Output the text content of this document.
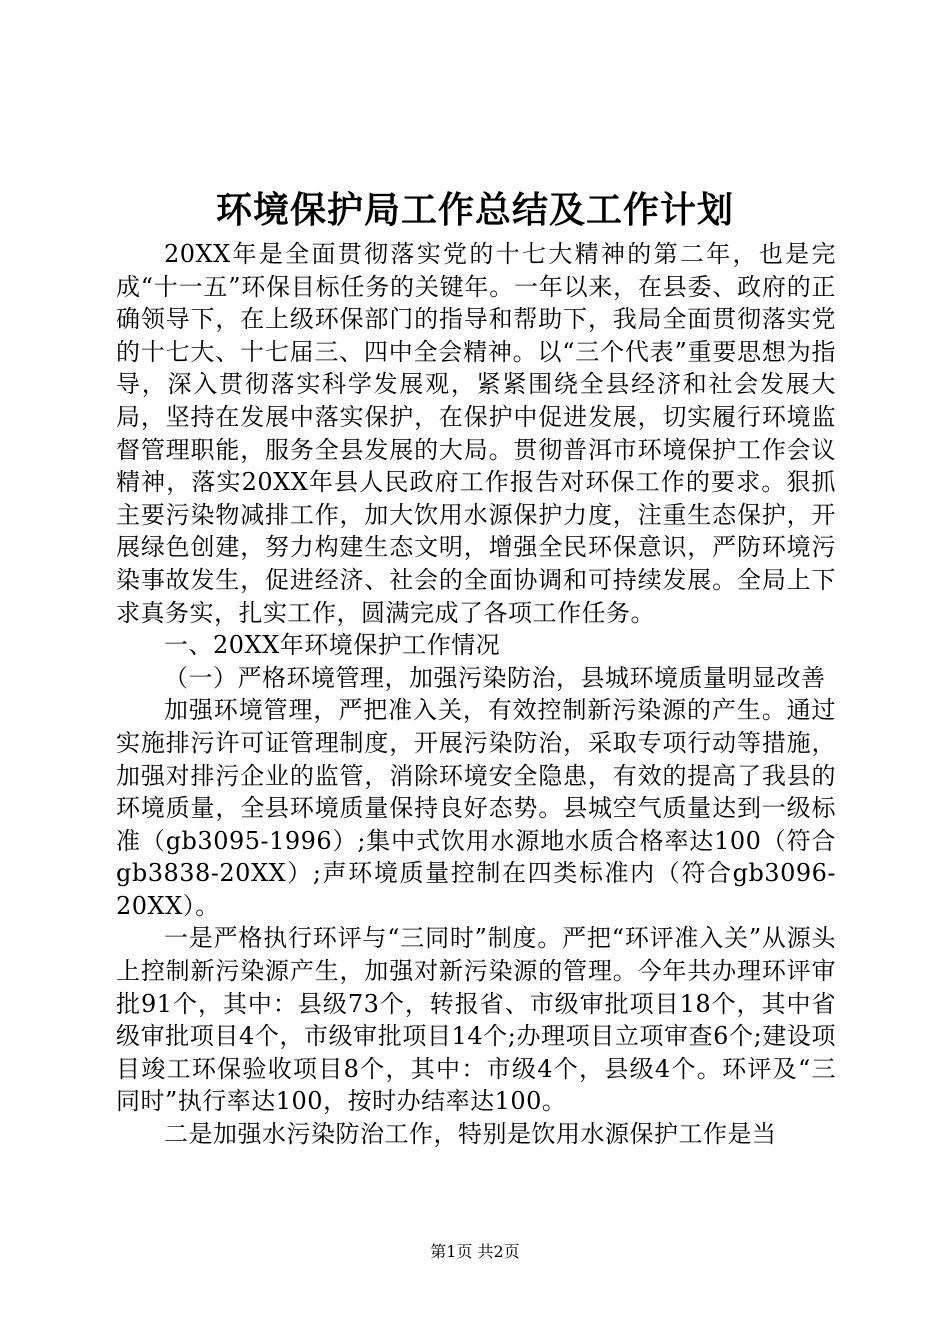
环境保护局工作总结及工作计划

20XX年是全面贯彻落实党的十七大精神的第二年，也是完成“十一五”环保目标任务的关键年。一年以来，在县委、政府的正确领导下，在上级环保部门的指导和帮助下，我局全面贯彻落实党的十七大、十七届三、四中全会精神。以“三个代表”重要思想为指导，深入贯彻落实科学发展观，紧紧围绕全县经济和社会发展大局，坚持在发展中落实保护，在保护中促进发展，切实履行环境监督管理职能，服务全县发展的大局。贯彻普洱市环境保护工作会议精神，落实20XX年县人民政府工作报告对环保工作的要求。狠抓主要污染物减排工作，加大饮用水源保护力度，注重生态保护，开展绿色创建，努力构建生态文明，增强全民环保意识，严防环境污染事故发生，促进经济、社会的全面协调和可持续发展。全局上下求真务实，扎实工作，圆满完成了各项工作任务。

一、20XX年环境保护工作情况

（一）严格环境管理，加强污染防治，县城环境质量明显改善

加强环境管理，严把准入关，有效控制新污染源的产生。通过实施排污许可证管理制度，开展污染防治，采取专项行动等措施，加强对排污企业的监管，消除环境安全隐患，有效的提高了我县的环境质量，全县环境质量保持良好态势。县城空气质量达到一级标准（gb3095-1996）;集中式饮用水源地水质合格率达100（符合gb3838-20XX）;声环境质量控制在四类标准内（符合gb3096-20XX）。

一是严格执行环评与“三同时”制度。严把“环评准入关”从源头上控制新污染源产生，加强对新污染源的管理。今年共办理环评审批91个，其中：县级73个，转报省、市级审批项目18个，其中省级审批项目4个，市级审批项目14个;办理项目立项审查6个;建设项目竣工环保验收项目8个，其中：市级4个，县级4个。环评及“三同时”执行率达100，按时办结率达100。

二是加强水污染防治工作，特别是饮用水源保护工作是当

第1页 共2页
